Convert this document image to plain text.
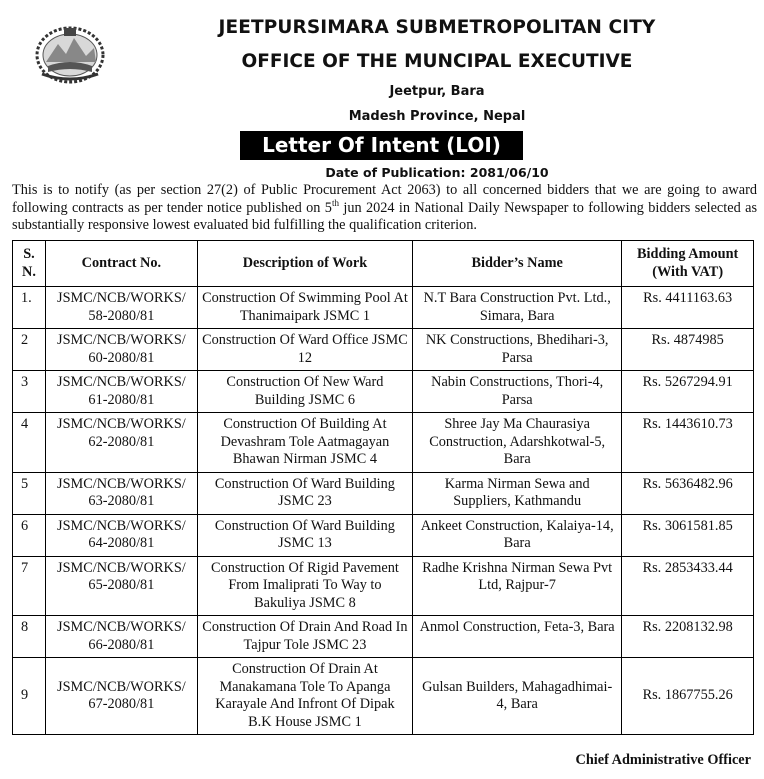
JEETPURSIMARA SUBMETROPOLITAN CITY
OFFICE OF THE MUNCIPAL EXECUTIVE
Jeetpur, Bara
Madesh Province, Nepal
Letter Of Intent (LOI)
Date of Publication: 2081/06/10
This is to notify (as per section 27(2) of Public Procurement Act 2063) to all concerned bidders that we are going to award following contracts as per tender notice published on 5th jun 2024 in National Daily Newspaper to following bidders selected as substantially responsive lowest evaluated bid fulfilling the qualification criterion.
S. N.	Contract No.	Description of Work	Bidder’s Name	Bidding Amount (With VAT)
1.	JSMC/NCB/WORKS/ 58-2080/81	Construction Of Swimming Pool At Thanimaipark JSMC 1	N.T Bara Construction Pvt. Ltd., Simara, Bara	Rs. 4411163.63
2	JSMC/NCB/WORKS/ 60-2080/81	Construction Of Ward Office JSMC 12	NK Constructions, Bhedihari-3, Parsa	Rs. 4874985
3	JSMC/NCB/WORKS/ 61-2080/81	Construction Of New Ward Building JSMC 6	Nabin Constructions, Thori-4, Parsa	Rs. 5267294.91
4	JSMC/NCB/WORKS/ 62-2080/81	Construction Of Building At Devashram Tole Aatmagayan Bhawan Nirman JSMC 4	Shree Jay Ma Chaurasiya Construction, Adarshkotwal-5, Bara	Rs. 1443610.73
5	JSMC/NCB/WORKS/ 63-2080/81	Construction Of Ward Building JSMC 23	Karma Nirman Sewa and Suppliers, Kathmandu	Rs. 5636482.96
6	JSMC/NCB/WORKS/ 64-2080/81	Construction Of Ward Building JSMC 13	Ankeet Construction, Kalaiya-14, Bara	Rs. 3061581.85
7	JSMC/NCB/WORKS/ 65-2080/81	Construction Of Rigid Pavement From Imalipratі To Way to Bakuliya JSMC 8	Radhe Krishna Nirman Sewa Pvt Ltd, Rajpur-7	Rs. 2853433.44
8	JSMC/NCB/WORKS/ 66-2080/81	Construction Of Drain And Road In Tajpur Tole JSMC 23	Anmol Construction, Feta-3, Bara	Rs. 2208132.98
9	JSMC/NCB/WORKS/ 67-2080/81	Construction Of Drain At Manakamana Tole To Apanga Karayale And Infront Of Dipak B.K House JSMC 1	Gulsan Builders, Mahagadhimai-4, Bara	Rs. 1867755.26
Chief Administrative Officer
